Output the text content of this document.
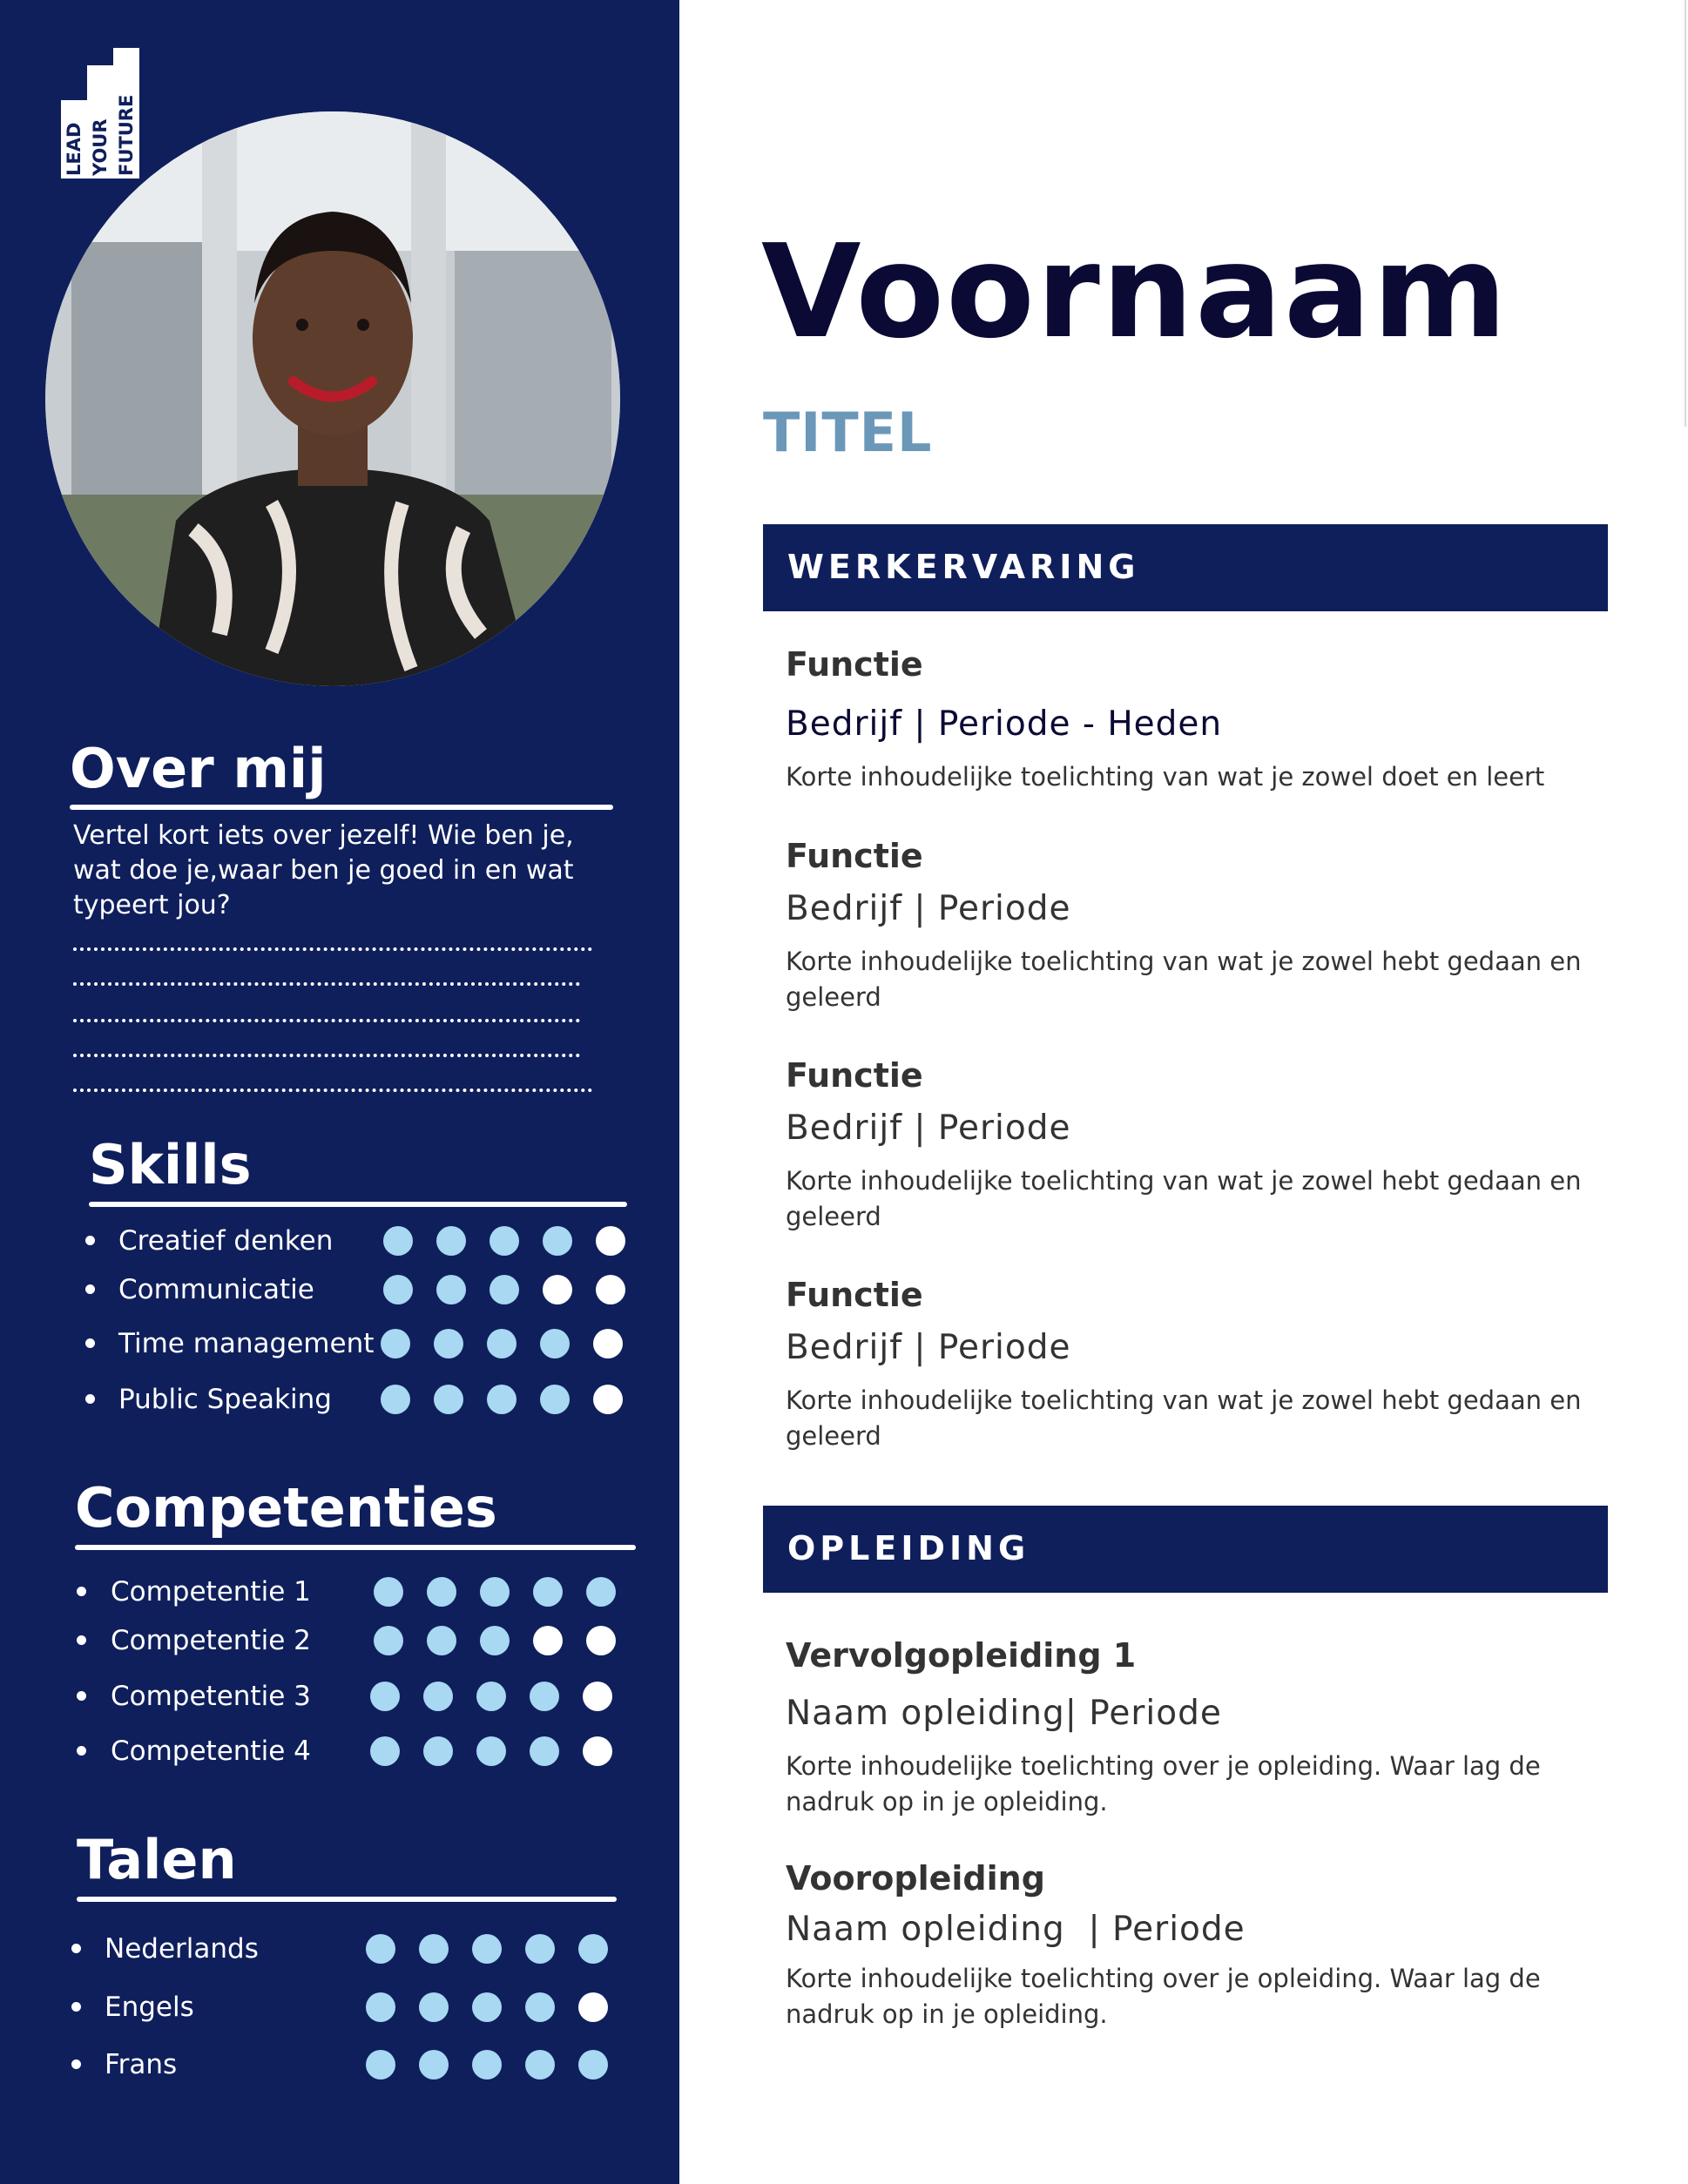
LEAD YOUR FUTURE
Over mij
Vertel kort iets over jezelf! Wie ben je, wat doe je,waar ben je goed in en wat typeert jou?
Skills
Creatief denken
Communicatie
Time management
Public Speaking
Competenties
Competentie 1
Competentie 2
Competentie 3
Competentie 4
Talen
Nederlands
Engels
Frans
Voornaam
TITEL
WERKERVARING
Functie
Bedrijf | Periode - Heden
Korte inhoudelijke toelichting van wat je zowel doet en leert
Functie
Bedrijf | Periode
Korte inhoudelijke toelichting van wat je zowel hebt gedaan en geleerd
Functie
Bedrijf | Periode
Korte inhoudelijke toelichting van wat je zowel hebt gedaan en geleerd
Functie
Bedrijf | Periode
Korte inhoudelijke toelichting van wat je zowel hebt gedaan en geleerd
OPLEIDING
Vervolgopleiding 1
Naam opleiding| Periode
Korte inhoudelijke toelichting over je opleiding. Waar lag de nadruk op in je opleiding.
Vooropleiding
Naam opleiding  | Periode
Korte inhoudelijke toelichting over je opleiding. Waar lag de nadruk op in je opleiding.
